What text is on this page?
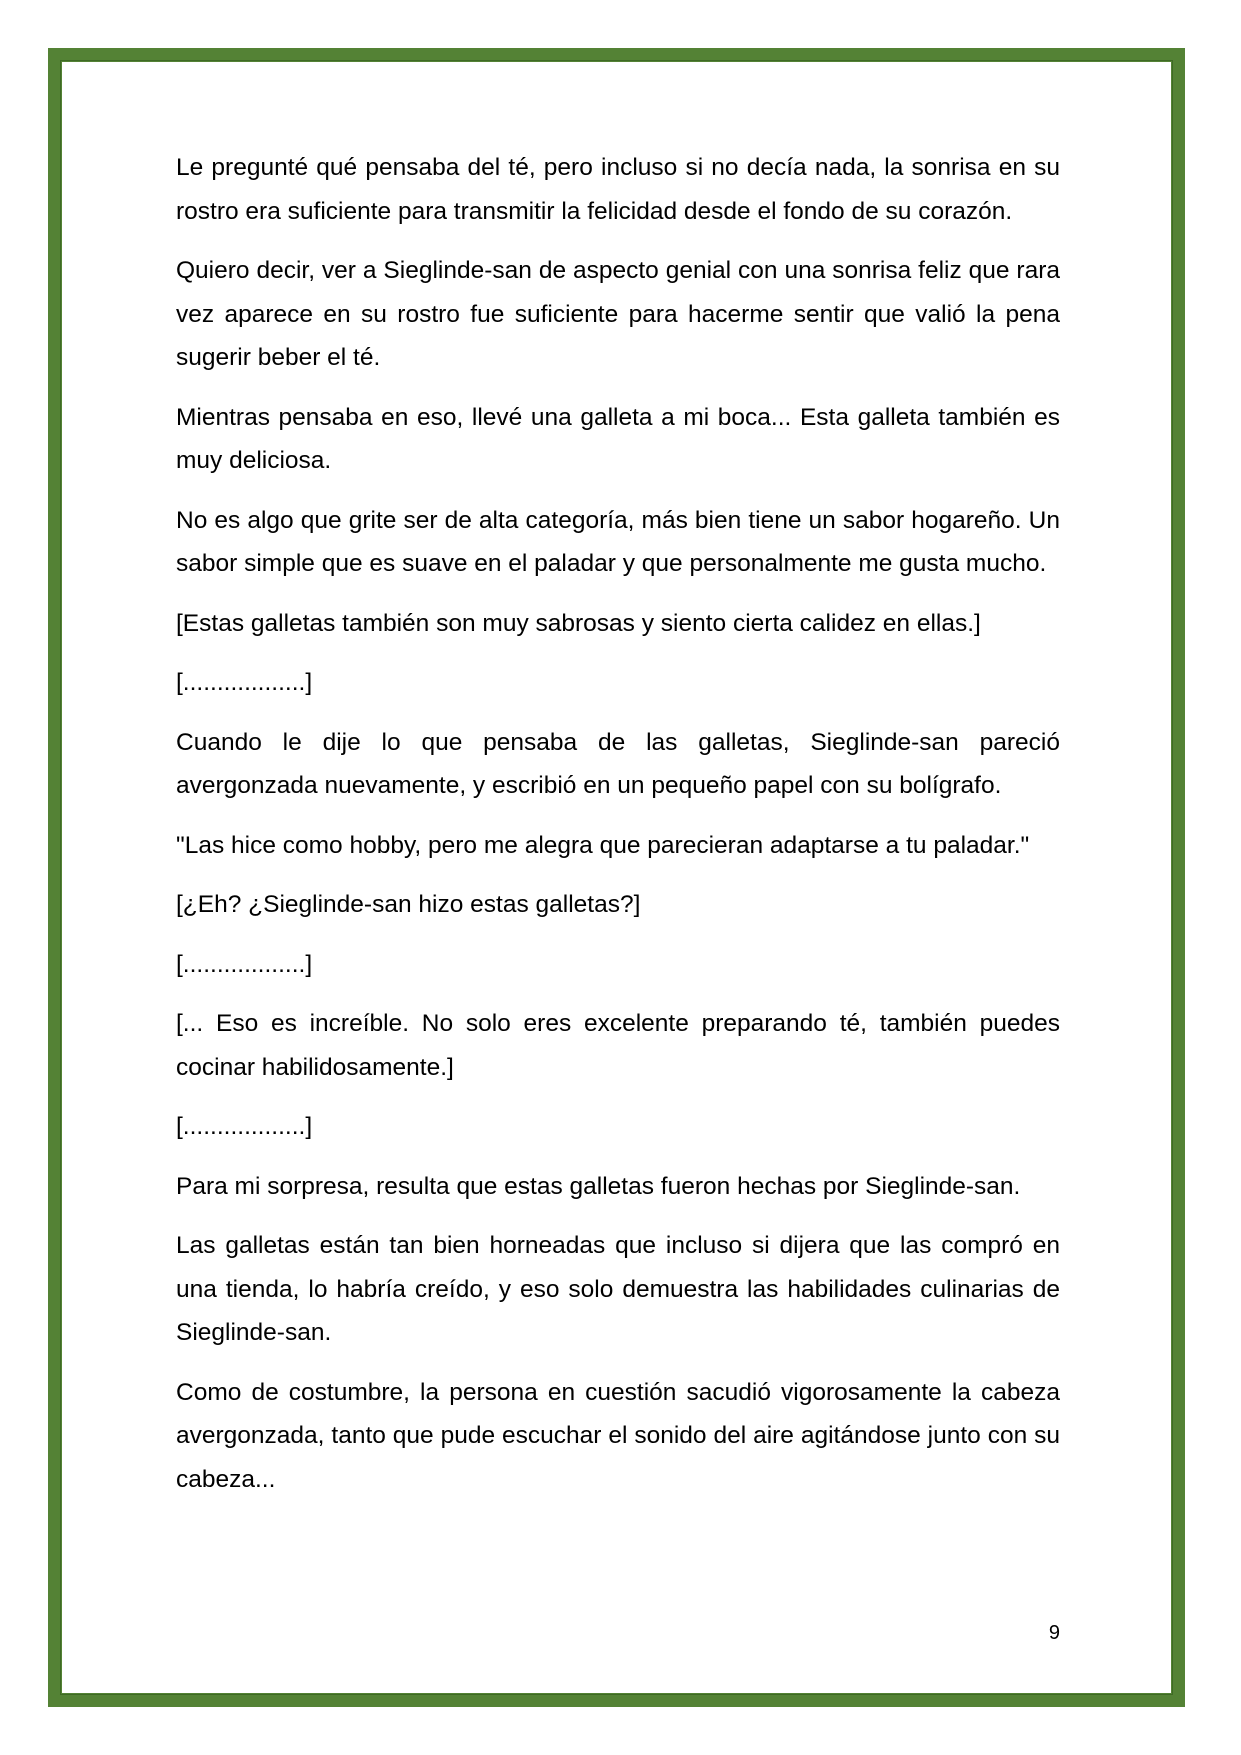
Le pregunté qué pensaba del té, pero incluso si no decía nada, la sonrisa en su rostro era suficiente para transmitir la felicidad desde el fondo de su corazón.

Quiero decir, ver a Sieglinde-san de aspecto genial con una sonrisa feliz que rara vez aparece en su rostro fue suficiente para hacerme sentir que valió la pena sugerir beber el té.

Mientras pensaba en eso, llevé una galleta a mi boca... Esta galleta también es muy deliciosa.

No es algo que grite ser de alta categoría, más bien tiene un sabor hogareño. Un sabor simple que es suave en el paladar y que personalmente me gusta mucho.

[Estas galletas también son muy sabrosas y siento cierta calidez en ellas.]

[..................]

Cuando le dije lo que pensaba de las galletas, Sieglinde-san pareció avergonzada nuevamente, y escribió en un pequeño papel con su bolígrafo.

"Las hice como hobby, pero me alegra que parecieran adaptarse a tu paladar."

[¿Eh? ¿Sieglinde-san hizo estas galletas?]

[..................]

[... Eso es increíble. No solo eres excelente preparando té, también puedes cocinar habilidosamente.]

[..................]

Para mi sorpresa, resulta que estas galletas fueron hechas por Sieglinde-san.

Las galletas están tan bien horneadas que incluso si dijera que las compró en una tienda, lo habría creído, y eso solo demuestra las habilidades culinarias de Sieglinde-san.

Como de costumbre, la persona en cuestión sacudió vigorosamente la cabeza avergonzada, tanto que pude escuchar el sonido del aire agitándose junto con su cabeza...

9
